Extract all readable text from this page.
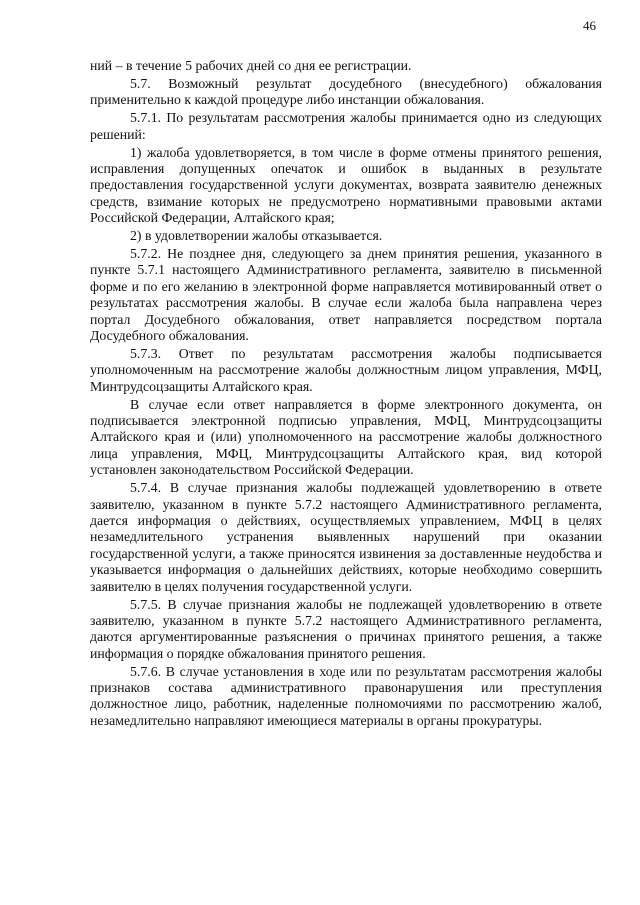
46

ний – в течение 5 рабочих дней со дня ее регистрации.

5.7. Возможный результат досудебного (внесудебного) обжалования применительно к каждой процедуре либо инстанции обжалования.

5.7.1. По результатам рассмотрения жалобы принимается одно из следующих решений:

1) жалоба удовлетворяется, в том числе в форме отмены принятого решения, исправления допущенных опечаток и ошибок в выданных в результате предоставления государственной услуги документах, возврата заявителю денежных средств, взимание которых не предусмотрено нормативными правовыми актами Российской Федерации, Алтайского края;

2) в удовлетворении жалобы отказывается.

5.7.2. Не позднее дня, следующего за днем принятия решения, указанного в пункте 5.7.1 настоящего Административного регламента, заявителю в письменной форме и по его желанию в электронной форме направляется мотивированный ответ о результатах рассмотрения жалобы. В случае если жалоба была направлена через портал Досудебного обжалования, ответ направляется посредством портала Досудебного обжалования.

5.7.3. Ответ по результатам рассмотрения жалобы подписывается уполномоченным на рассмотрение жалобы должностным лицом управления, МФЦ, Минтрудсоцзащиты Алтайского края.

В случае если ответ направляется в форме электронного документа, он подписывается электронной подписью управления, МФЦ, Минтрудсоцзащиты Алтайского края и (или) уполномоченного на рассмотрение жалобы должностного лица управления, МФЦ, Минтрудсоцзащиты Алтайского края, вид которой установлен законодательством Российской Федерации.

5.7.4. В случае признания жалобы подлежащей удовлетворению в ответе заявителю, указанном в пункте 5.7.2 настоящего Административного регламента, дается информация о действиях, осуществляемых управлением, МФЦ в целях незамедлительного устранения выявленных нарушений при оказании государственной услуги, а также приносятся извинения за доставленные неудобства и указывается информация о дальнейших действиях, которые необходимо совершить заявителю в целях получения государственной услуги.

5.7.5. В случае признания жалобы не подлежащей удовлетворению в ответе заявителю, указанном в пункте 5.7.2 настоящего Административного регламента, даются аргументированные разъяснения о причинах принятого решения, а также информация о порядке обжалования принятого решения.

5.7.6. В случае установления в ходе или по результатам рассмотрения жалобы признаков состава административного правонарушения или преступления должностное лицо, работник, наделенные полномочиями по рассмотрению жалоб, незамедлительно направляют имеющиеся материалы в органы прокуратуры.
